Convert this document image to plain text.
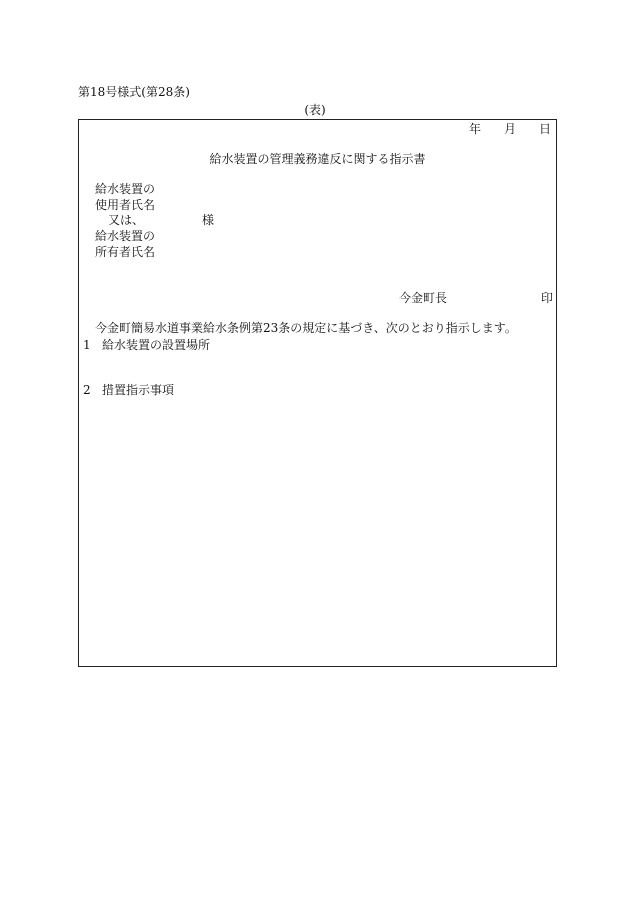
第18号様式(第28条)
(表)
年 月 日
給水装置の管理義務違反に関する指示書
給水装置の
使用者氏名
又は、	様
給水装置の
所有者氏名
今金町長	印
今金町簡易水道事業給水条例第23条の規定に基づき、次のとおり指示します。
1 給水装置の設置場所
2 措置指示事項
